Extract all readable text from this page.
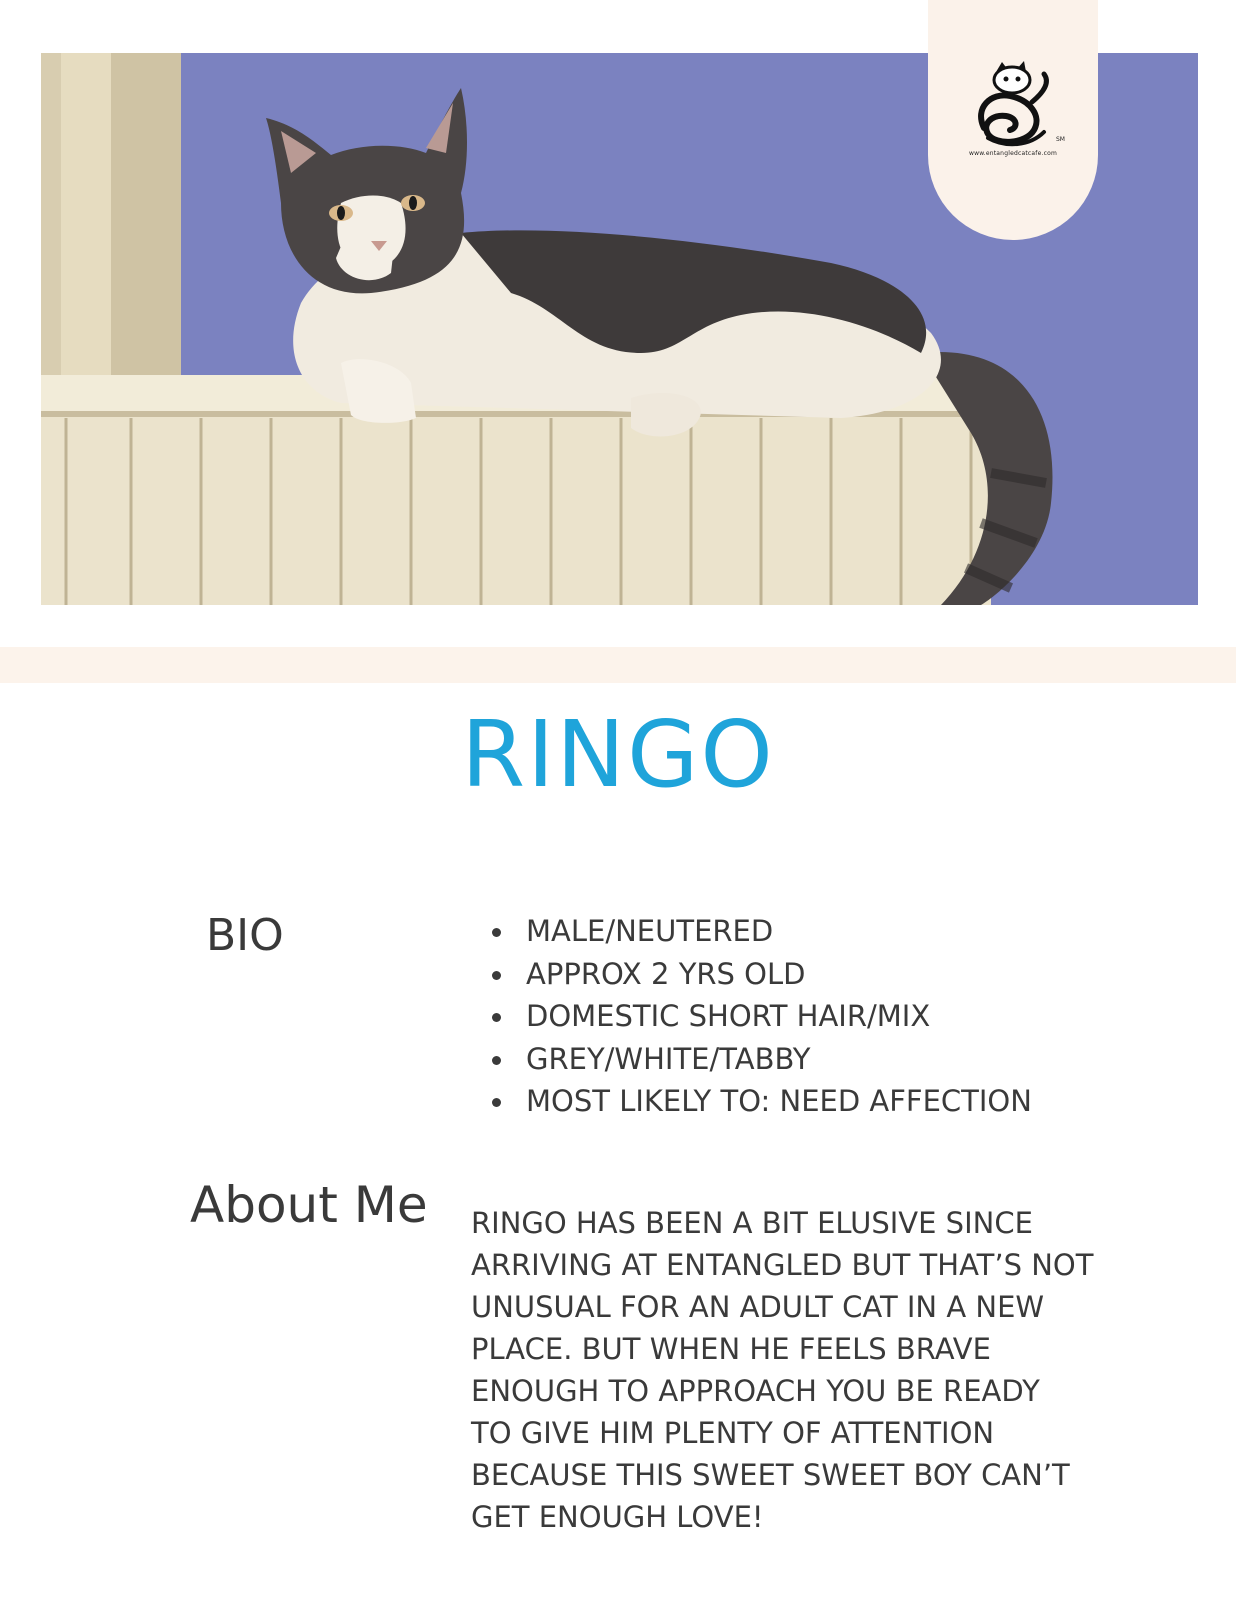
SM
www.entangledcatcafe.com
RINGO
BIO	MALE/NEUTERED
APPROX 2 YRS OLD
DOMESTIC SHORT HAIR/MIX
GREY/WHITE/TABBY
MOST LIKELY TO: NEED AFFECTION
About Me RINGO HAS BEEN A BIT ELUSIVE SINCE
ARRIVING AT ENTANGLED BUT THAT’S NOT
UNUSUAL FOR AN ADULT CAT IN A NEW
PLACE. BUT WHEN HE FEELS BRAVE
ENOUGH TO APPROACH YOU BE READY
TO GIVE HIM PLENTY OF ATTENTION
BECAUSE THIS SWEET SWEET BOY CAN’T
GET ENOUGH LOVE!
